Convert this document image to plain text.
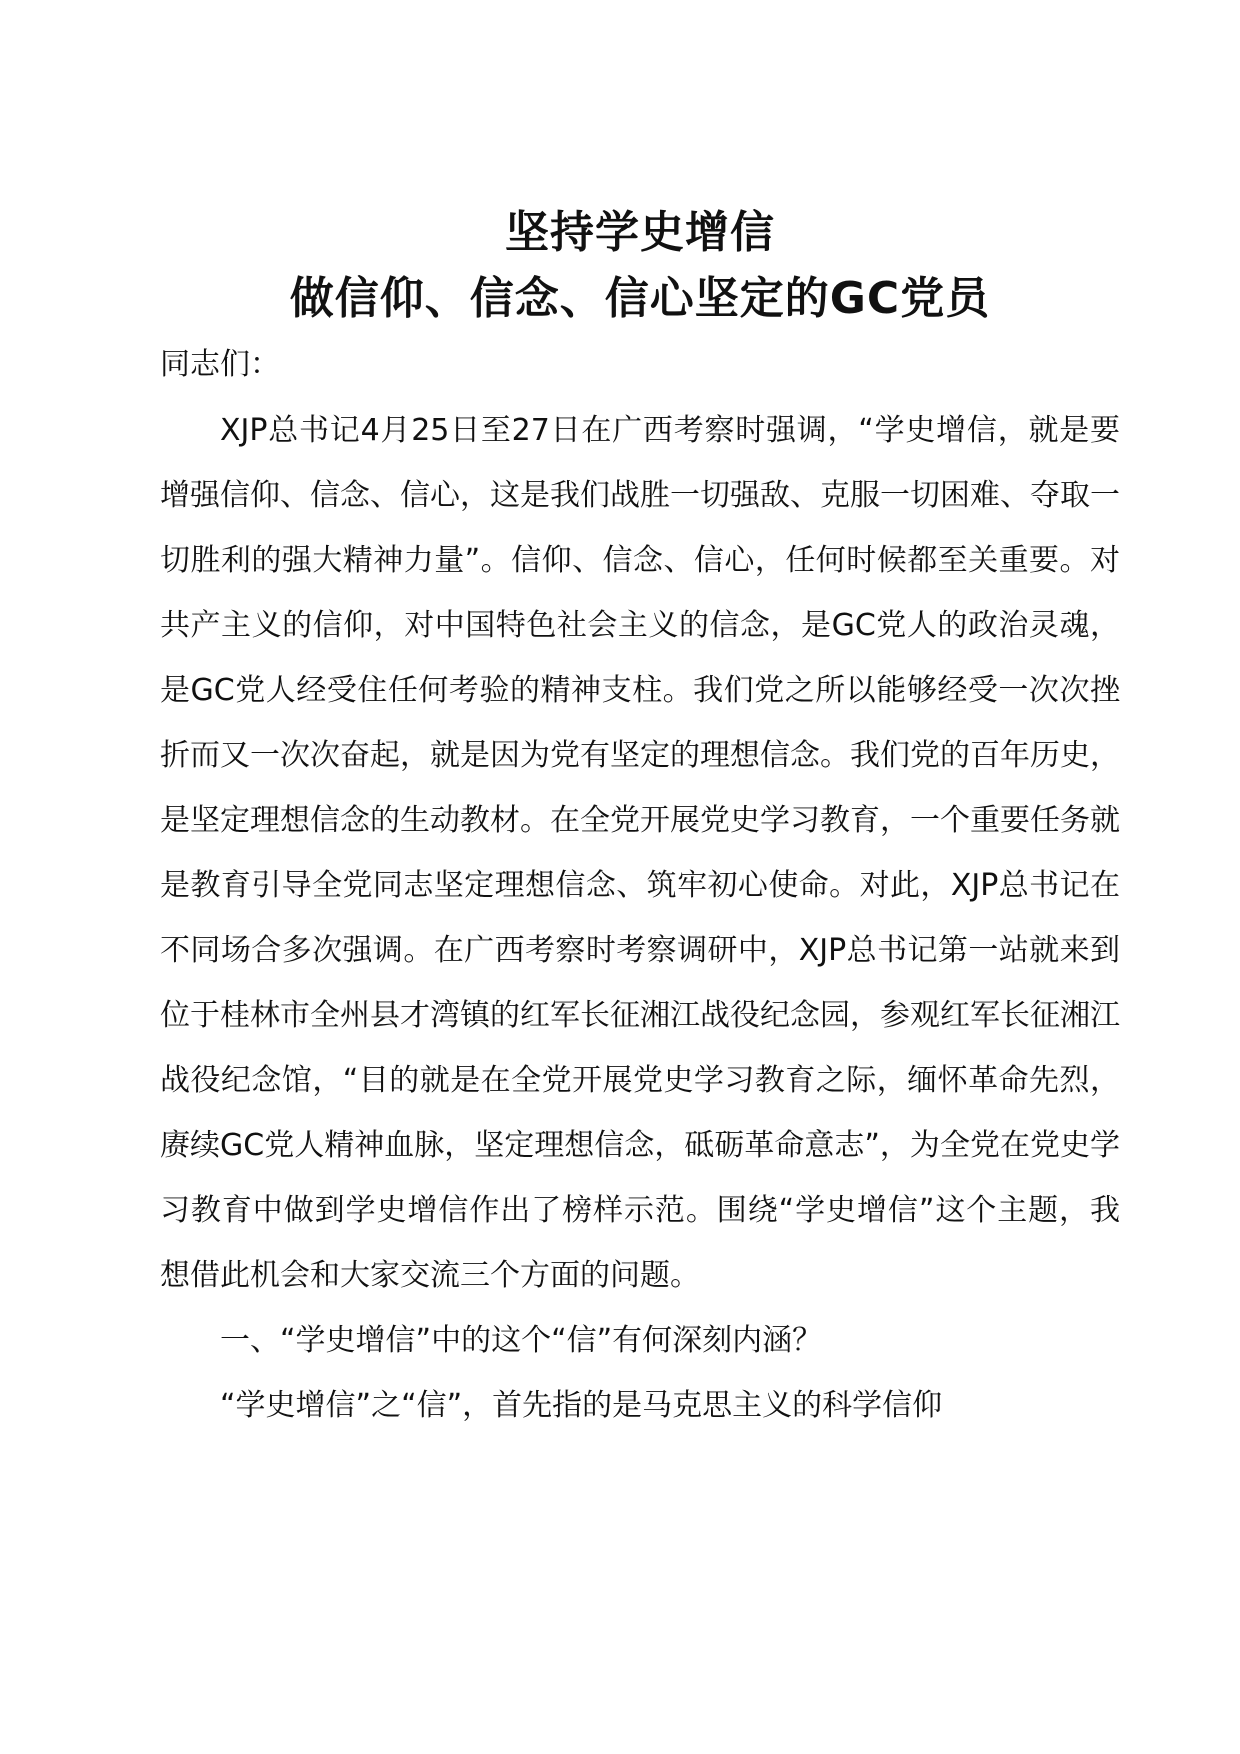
坚持学史增信
做信仰、信念、信心坚定的GC党员

同志们：

XJP总书记4月25日至27日在广西考察时强调，“学史增信，就是要增强信仰、信念、信心，这是我们战胜一切强敌、克服一切困难、夺取一切胜利的强大精神力量”。信仰、信念、信心，任何时候都至关重要。对共产主义的信仰，对中国特色社会主义的信念，是GC党人的政治灵魂，是GC党人经受住任何考验的精神支柱。我们党之所以能够经受一次次挫折而又一次次奋起，就是因为党有坚定的理想信念。我们党的百年历史，是坚定理想信念的生动教材。在全党开展党史学习教育，一个重要任务就是教育引导全党同志坚定理想信念、筑牢初心使命。对此，XJP总书记在不同场合多次强调。在广西考察时考察调研中，XJP总书记第一站就来到位于桂林市全州县才湾镇的红军长征湘江战役纪念园，参观红军长征湘江战役纪念馆，“目的就是在全党开展党史学习教育之际，缅怀革命先烈，赓续GC党人精神血脉，坚定理想信念，砥砺革命意志”，为全党在党史学习教育中做到学史增信作出了榜样示范。围绕“学史增信”这个主题，我想借此机会和大家交流三个方面的问题。

一、“学史增信”中的这个“信”有何深刻内涵？

“学史增信”之“信”，首先指的是马克思主义的科学信仰
